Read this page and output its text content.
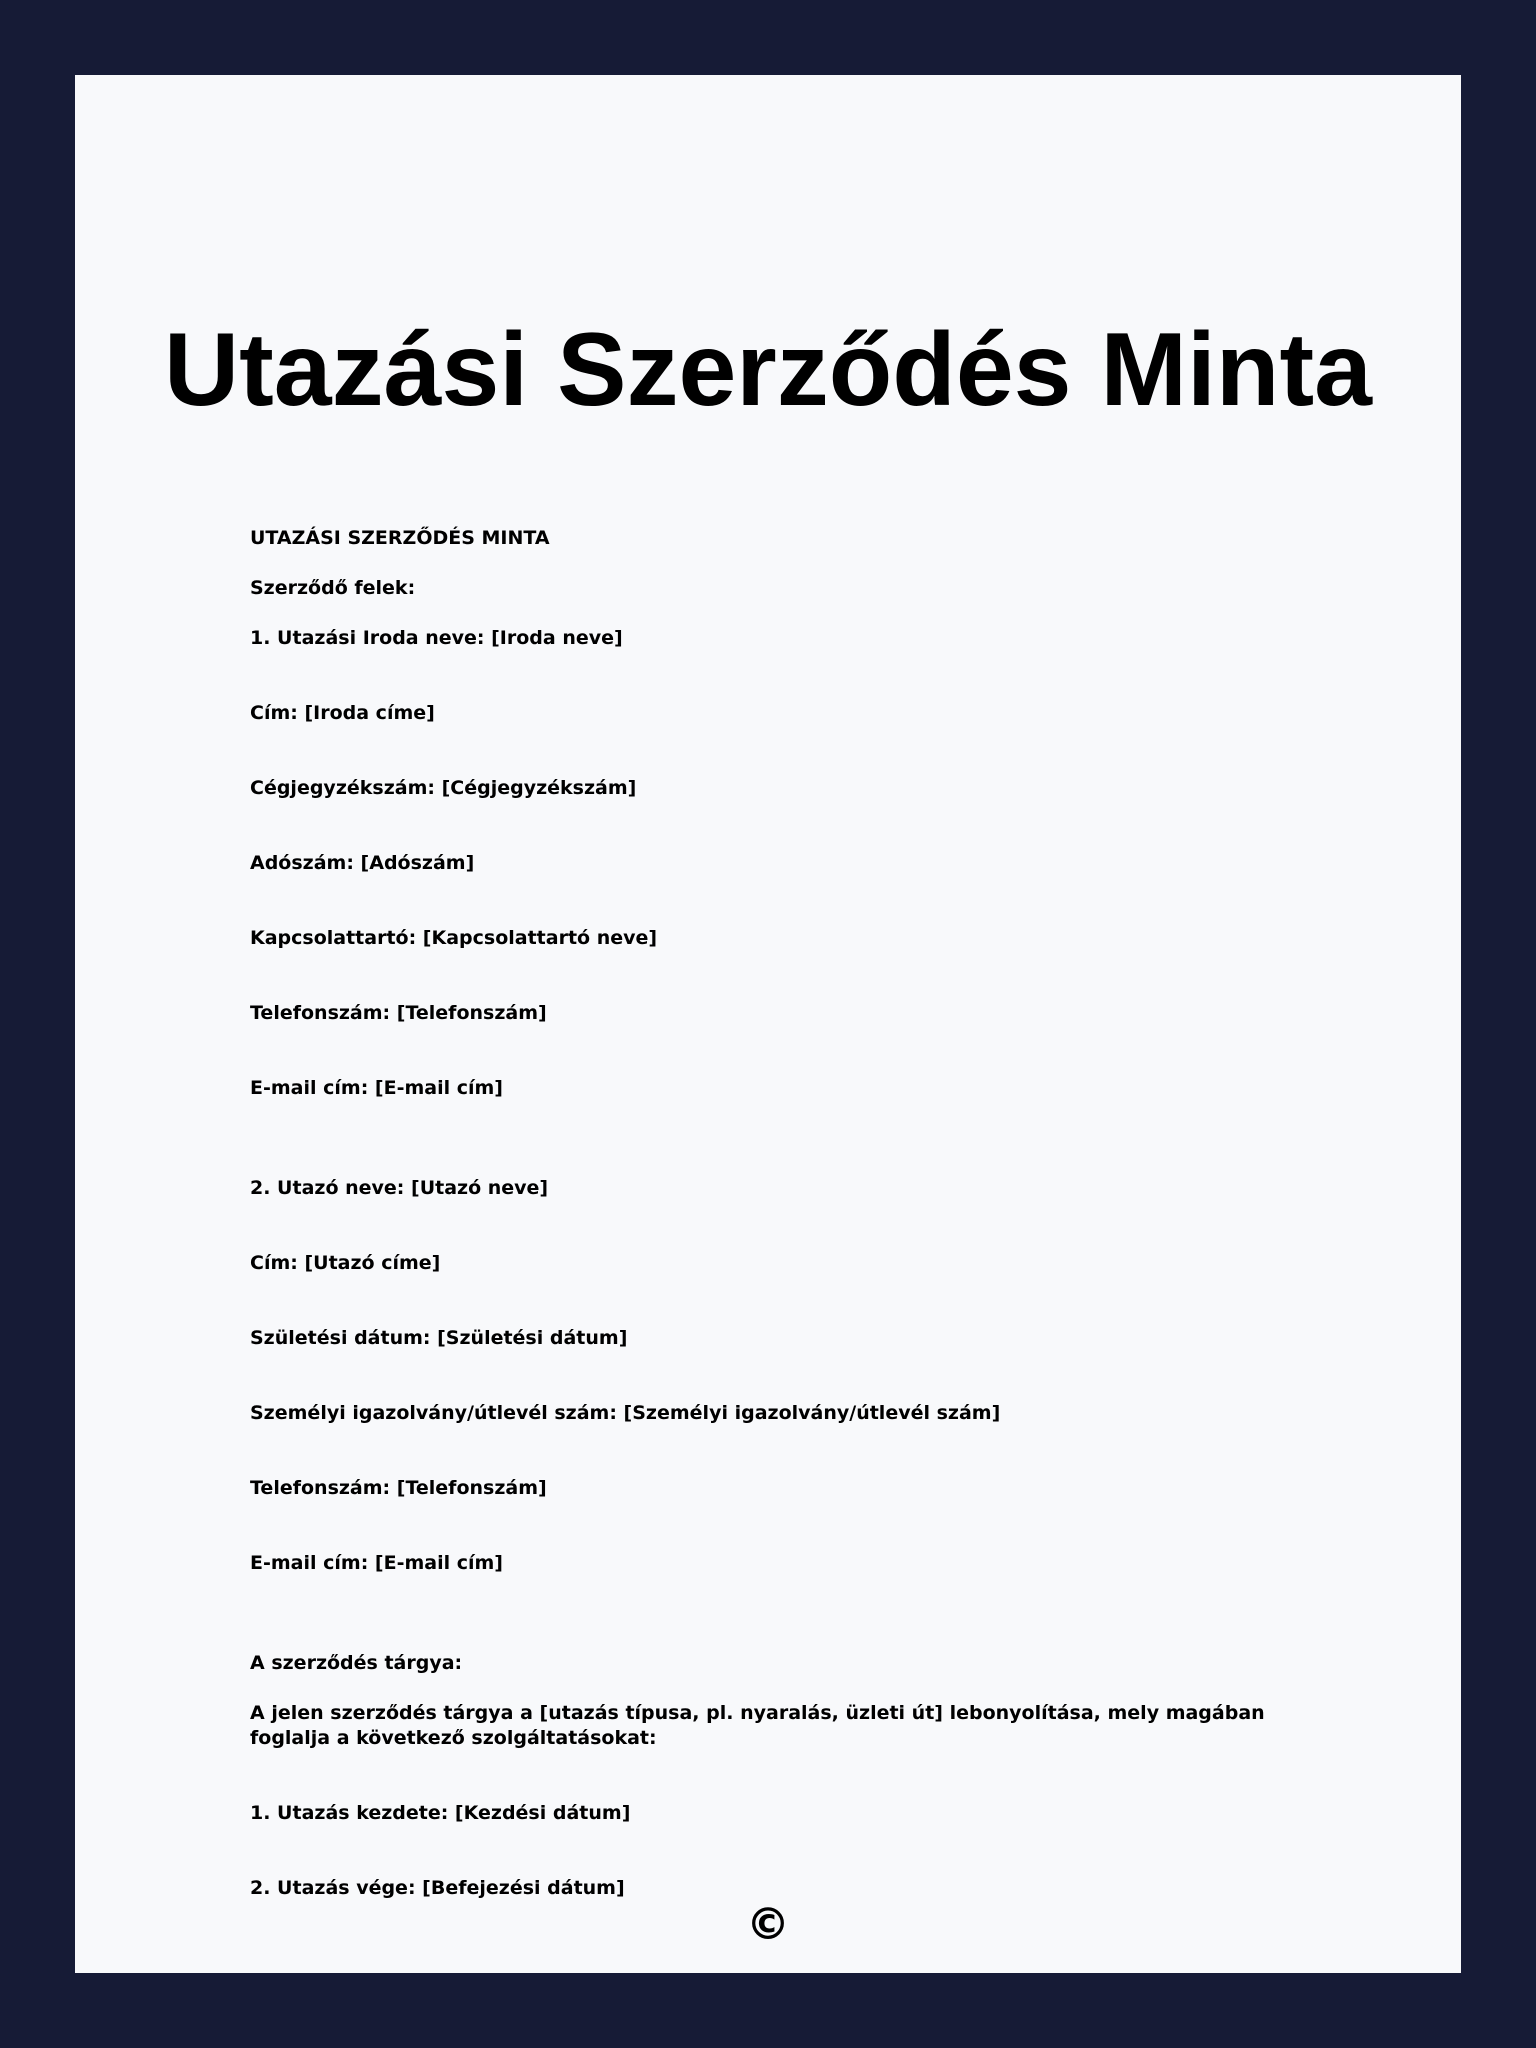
Utazási Szerződés Minta

UTAZÁSI SZERZŐDÉS MINTA

Szerződő felek:

1. Utazási Iroda neve: [Iroda neve]

Cím: [Iroda címe]

Cégjegyzékszám: [Cégjegyzékszám]

Adószám: [Adószám]

Kapcsolattartó: [Kapcsolattartó neve]

Telefonszám: [Telefonszám]

E-mail cím: [E-mail cím]

2. Utazó neve: [Utazó neve]

Cím: [Utazó címe]

Születési dátum: [Születési dátum]

Személyi igazolvány/útlevél szám: [Személyi igazolvány/útlevél szám]

Telefonszám: [Telefonszám]

E-mail cím: [E-mail cím]

A szerződés tárgya:

A jelen szerződés tárgya a [utazás típusa, pl. nyaralás, üzleti út] lebonyolítása, mely magában foglalja a következő szolgáltatásokat:

1. Utazás kezdete: [Kezdési dátum]

2. Utazás vége: [Befejezési dátum]

©
